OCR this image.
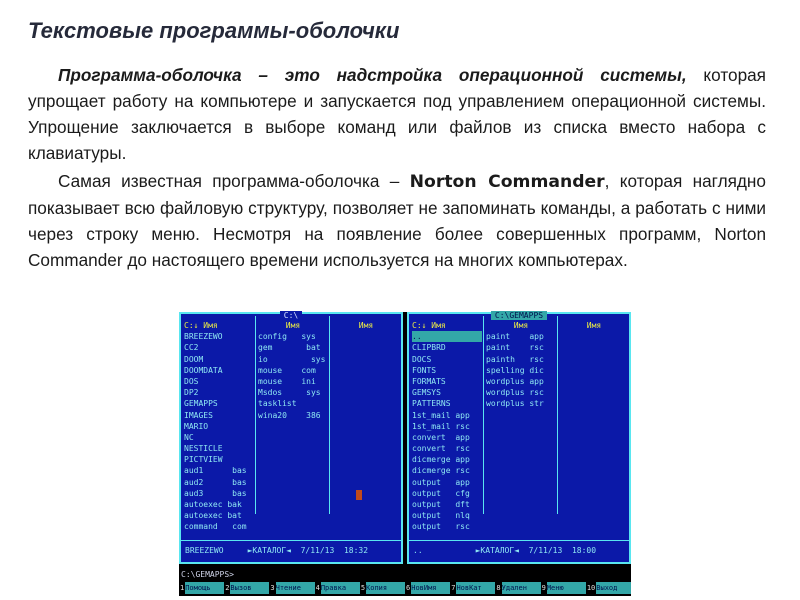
Текстовые программы-оболочки

Программа-оболочка – это надстройка операционной системы, которая упрощает работу на компьютере и запускается под управлением операционной системы. Упрощение заключается в выборе команд или файлов из списка вместо набора с клавиатуры.

Самая известная программа-оболочка – Norton Commander, которая наглядно показывает всю файловую структуру, позволяет не запоминать команды, а работать с ними через строку меню. Несмотря на появление более совершенных программ, Norton Commander до настоящего времени используется на многих компьютерах.

C:\
C:↓ Имя
BREEZEWO
CC2
DOOM
DOOMDATA
DOS
DP2
GEMAPPS
IMAGES
MARIO
NC
NESTICLE
PICTVIEW
aud1      bas
aud2      bas
aud3      bas
autoexec bak
autoexec bat
command   com
Имя
config   sys
gem       bat
io         sys
mouse    com
mouse    ini
Msdos     sys
tasklist
wina20    386
Имя
BREEZEWO     ►КАТАЛОГ◄  7/11/13  18:32
C:\GEMAPPS
C:↓ Имя
..
CLIPBRD
DOCS
FONTS
FORMATS
GEMSYS
PATTERNS
1st_mail app
1st_mail rsc
convert  app
convert  rsc
dicmerge app
dicmerge rsc
output   app
output   cfg
output   dft
output   nlq
output   rsc
Имя
paint    app
paint    rsc
painth   rsc
spelling dic
wordplus app
wordplus rsc
wordplus str
Имя
..           ►КАТАЛОГ◄  7/11/13  18:00
C:\GEMAPPS>
1 Помощь	2 Вызов	3 Чтение	4 Правка	5 Копия	6 НовИмя	7 НовКат	8 Удален	9 Меню	10 Выход
